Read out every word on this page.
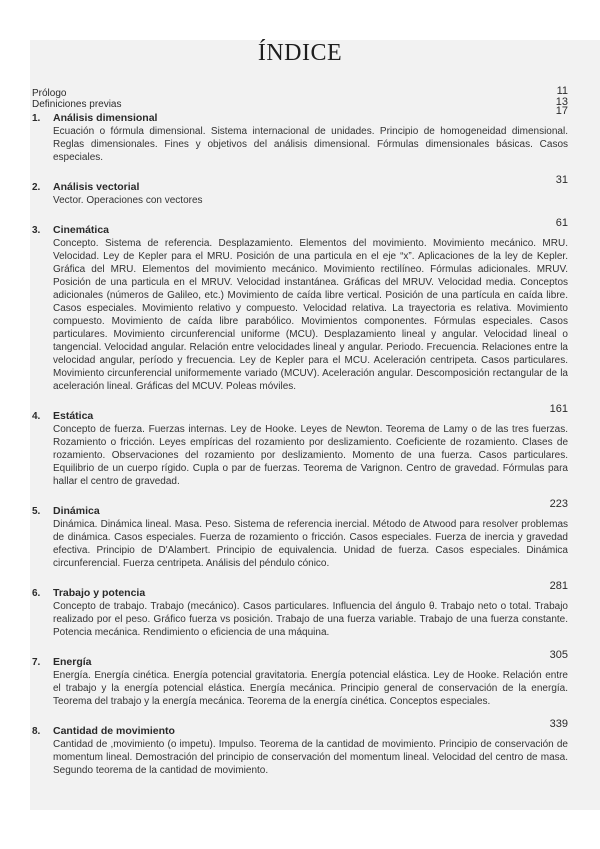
ÍNDICE
Prólogo	11
Definiciones previas	13
1. Análisis dimensional
Ecuación o fórmula dimensional. Sistema internacional de unidades. Principio de homogeneidad dimensional. Reglas dimensionales. Fines y objetivos del análisis dimensional. Fórmulas dimensionales básicas. Casos especiales.
17
2. Análisis vectorial
Vector. Operaciones con vectores
31
3. Cinemática
Concepto. Sistema de referencia. Desplazamiento. Elementos del movimiento. Movimiento mecánico. MRU. Velocidad. Ley de Kepler para el MRU. Posición de una particula en el eje “x”. Aplicaciones de la ley de Kepler. Gráfica del MRU. Elementos del movimiento mecánico. Movimiento rectilíneo. Fórmulas adicionales. MRUV. Posición de una particula en el MRUV. Velocidad instantánea. Gráficas del MRUV. Velocidad media. Conceptos adicionales (números de Galileo, etc.) Movimiento de caída libre vertical. Posición de una partícula en caída libre. Casos especiales. Movimiento relativo y compuesto. Velocidad relativa. La trayectoria es relativa. Movimiento compuesto. Movimiento de caída libre parabólico. Movimientos componentes. Fórmulas especiales. Casos particulares. Movimiento circunferencial uniforme (MCU). Desplazamiento lineal y angular. Velocidad lineal o tangencial. Velocidad angular. Relación entre velocidades lineal y angular. Periodo. Frecuencia. Relaciones entre la velocidad angular, período y frecuencia. Ley de Kepler para el MCU. Aceleración centripeta. Casos particulares. Movimiento circunferencial uniformemente variado (MCUV). Aceleración angular. Descomposición rectangular de la aceleración lineal. Gráficas del MCUV. Poleas móviles.
61
4. Estática
Concepto de fuerza. Fuerzas internas. Ley de Hooke. Leyes de Newton. Teorema de Lamy o de las tres fuerzas. Rozamiento o fricción. Leyes empíricas del rozamiento por deslizamiento. Coeficiente de rozamiento. Clases de rozamiento. Observaciones del rozamiento por deslizamiento. Momento de una fuerza. Casos particulares. Equilibrio de un cuerpo rígido. Cupla o par de fuerzas. Teorema de Varignon. Centro de gravedad. Fórmulas para hallar el centro de gravedad.
161
5. Dinámica
Dinámica. Dinámica lineal. Masa. Peso. Sistema de referencia inercial. Método de Atwood para resolver problemas de dinámica. Casos especiales. Fuerza de rozamiento o fricción. Casos especiales. Fuerza de inercia y gravedad efectiva. Principio de D'Alambert. Principio de equivalencia. Unidad de fuerza. Casos especiales. Dinámica circunferencial. Fuerza centripeta. Análisis del péndulo cónico.
223
6. Trabajo y potencia
Concepto de trabajo. Trabajo (mecánico). Casos particulares. Influencia del ángulo θ. Trabajo neto o total. Trabajo realizado por el peso. Gráfico fuerza vs posición. Trabajo de una fuerza variable. Trabajo de una fuerza constante. Potencia mecánica. Rendimiento o eficiencia de una máquina.
281
7. Energía
Energía. Energía cinética. Energía potencial gravitatoria. Energía potencial elástica. Ley de Hooke. Relación entre el trabajo y la energía potencial elástica. Energía mecánica. Principio general de conservación de la energía. Teorema del trabajo y la energía mecánica. Teorema de la energía cinética. Conceptos especiales.
305
8. Cantidad de movimiento
Cantidad de ,movimiento (o impetu). Impulso. Teorema de la cantidad de movimiento. Principio de conservación de momentum lineal. Demostración del principio de conservación del momentum lineal. Velocidad del centro de masa. Segundo teorema de la cantidad de movimiento.
339
